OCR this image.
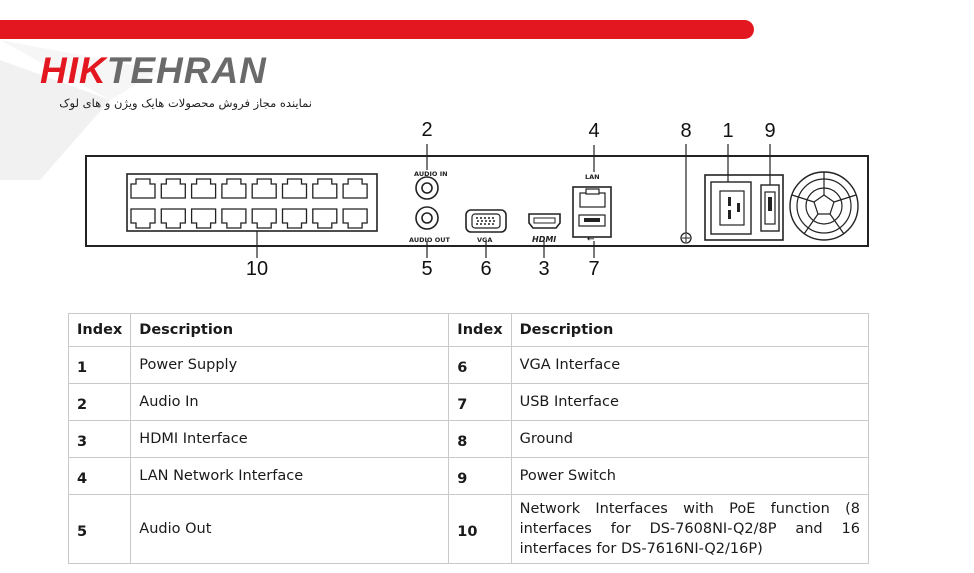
HIKTEHRAN
نماینده مجاز فروش محصولات هایک ویژن و های لوک
AUDIO IN
AUDIO OUT	VGA	HDMI
LAN
⭠
2	4	8	1	9
10	5	6	3	7
Index	Description	Index	Description
1	Power Supply	6	VGA Interface
2	Audio In	7	USB Interface
3	HDMI Interface	8	Ground
4	LAN Network Interface	9	Power Switch
5	Audio Out	10	Network Interfaces with PoE function (8 interfaces for DS-7608NI-Q2/8P and 16 interfaces for DS-7616NI-Q2/16P)
